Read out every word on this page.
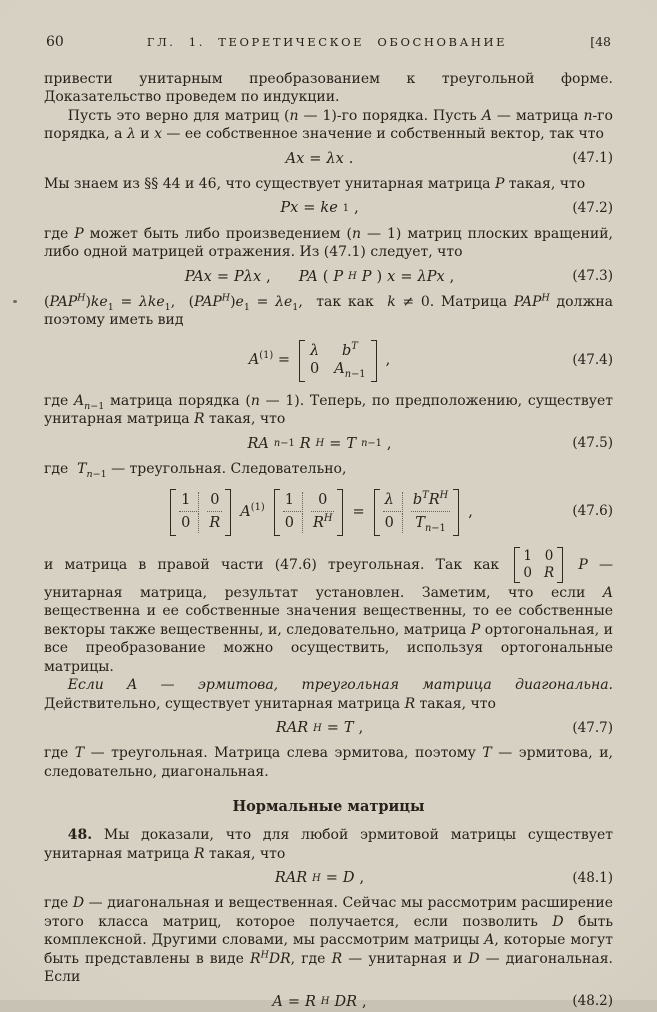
60	ГЛ. 1. ТЕОРЕТИЧЕСКОЕ ОБОСНОВАНИЕ	[48

привести унитарным преобразованием к треугольной форме. Доказательство проведем по индукции.

Пусть это верно для матриц (n — 1)-го порядка. Пусть A — матрица n-го порядка, а λ и x — ее собственное значение и собственный вектор, так что

Ax = λx .	(47.1)

Мы знаем из §§ 44 и 46, что существует унитарная матрица P такая, что

Px = ke 1 ,	(47.2)

где P может быть либо произведением (n — 1) матриц плоских вращений, либо одной матрицей отражения. Из (47.1) следует, что

PAx = Pλx , PA ( P H P ) x = λPx ,	(47.3)

$(PAP^H)ke_1 = \lambda ke_1$,  $(PAP^H)e_1 = \lambda e_1$,  так как  k ≠ 0. Матрица $PAP^H$ должна поэтому иметь вид

$A^{(1)}$ =
λ	$b^T$
0 $A_{n-1}$
,	(47.4)

где $A_{n-1}$ матрица порядка (n — 1). Теперь, по предположению, существует унитарная матрица R такая, что

RA n−1 R H = T n−1 ,	(47.5)

где  $T_{n-1}$ — треугольная. Следовательно,

1	0
0	R
$A^{(1)}$ 1	0
0	$R^H$ =
λ	$b^TR^H$
0	$T_{n-1}$
,	(47.6)

и матрица в правой части (47.6) треугольная. Так как
1 0
0 R
P — унитарная матрица, результат установлен. Заметим, что если A вещественна и ее собственные значения вещественны, то ее собственные векторы также вещественны, и, следовательно, матрица P ортогональная, и все преобразование можно осуществить, используя ортогональные матрицы.

Если A — эрмитова, треугольная матрица диагональна. Действительно, существует унитарная матрица R такая, что

RAR H = T ,	(47.7)

где T — треугольная. Матрица слева эрмитова, поэтому T — эрмитова, и, следовательно, диагональная.

Нормальные матрицы

48. Мы доказали, что для любой эрмитовой матрицы существует унитарная матрица R такая, что

RAR H = D ,	(48.1)

где D — диагональная и вещественная. Сейчас мы рассмотрим расширение этого класса матриц, которое получается, если позволить D быть комплексной. Другими словами, мы рассмотрим матрицы A, которые могут быть представлены в виде $R^HDR$, где R — унитарная и D — диагональная. Если

A = R H DR ,	(48.2)
